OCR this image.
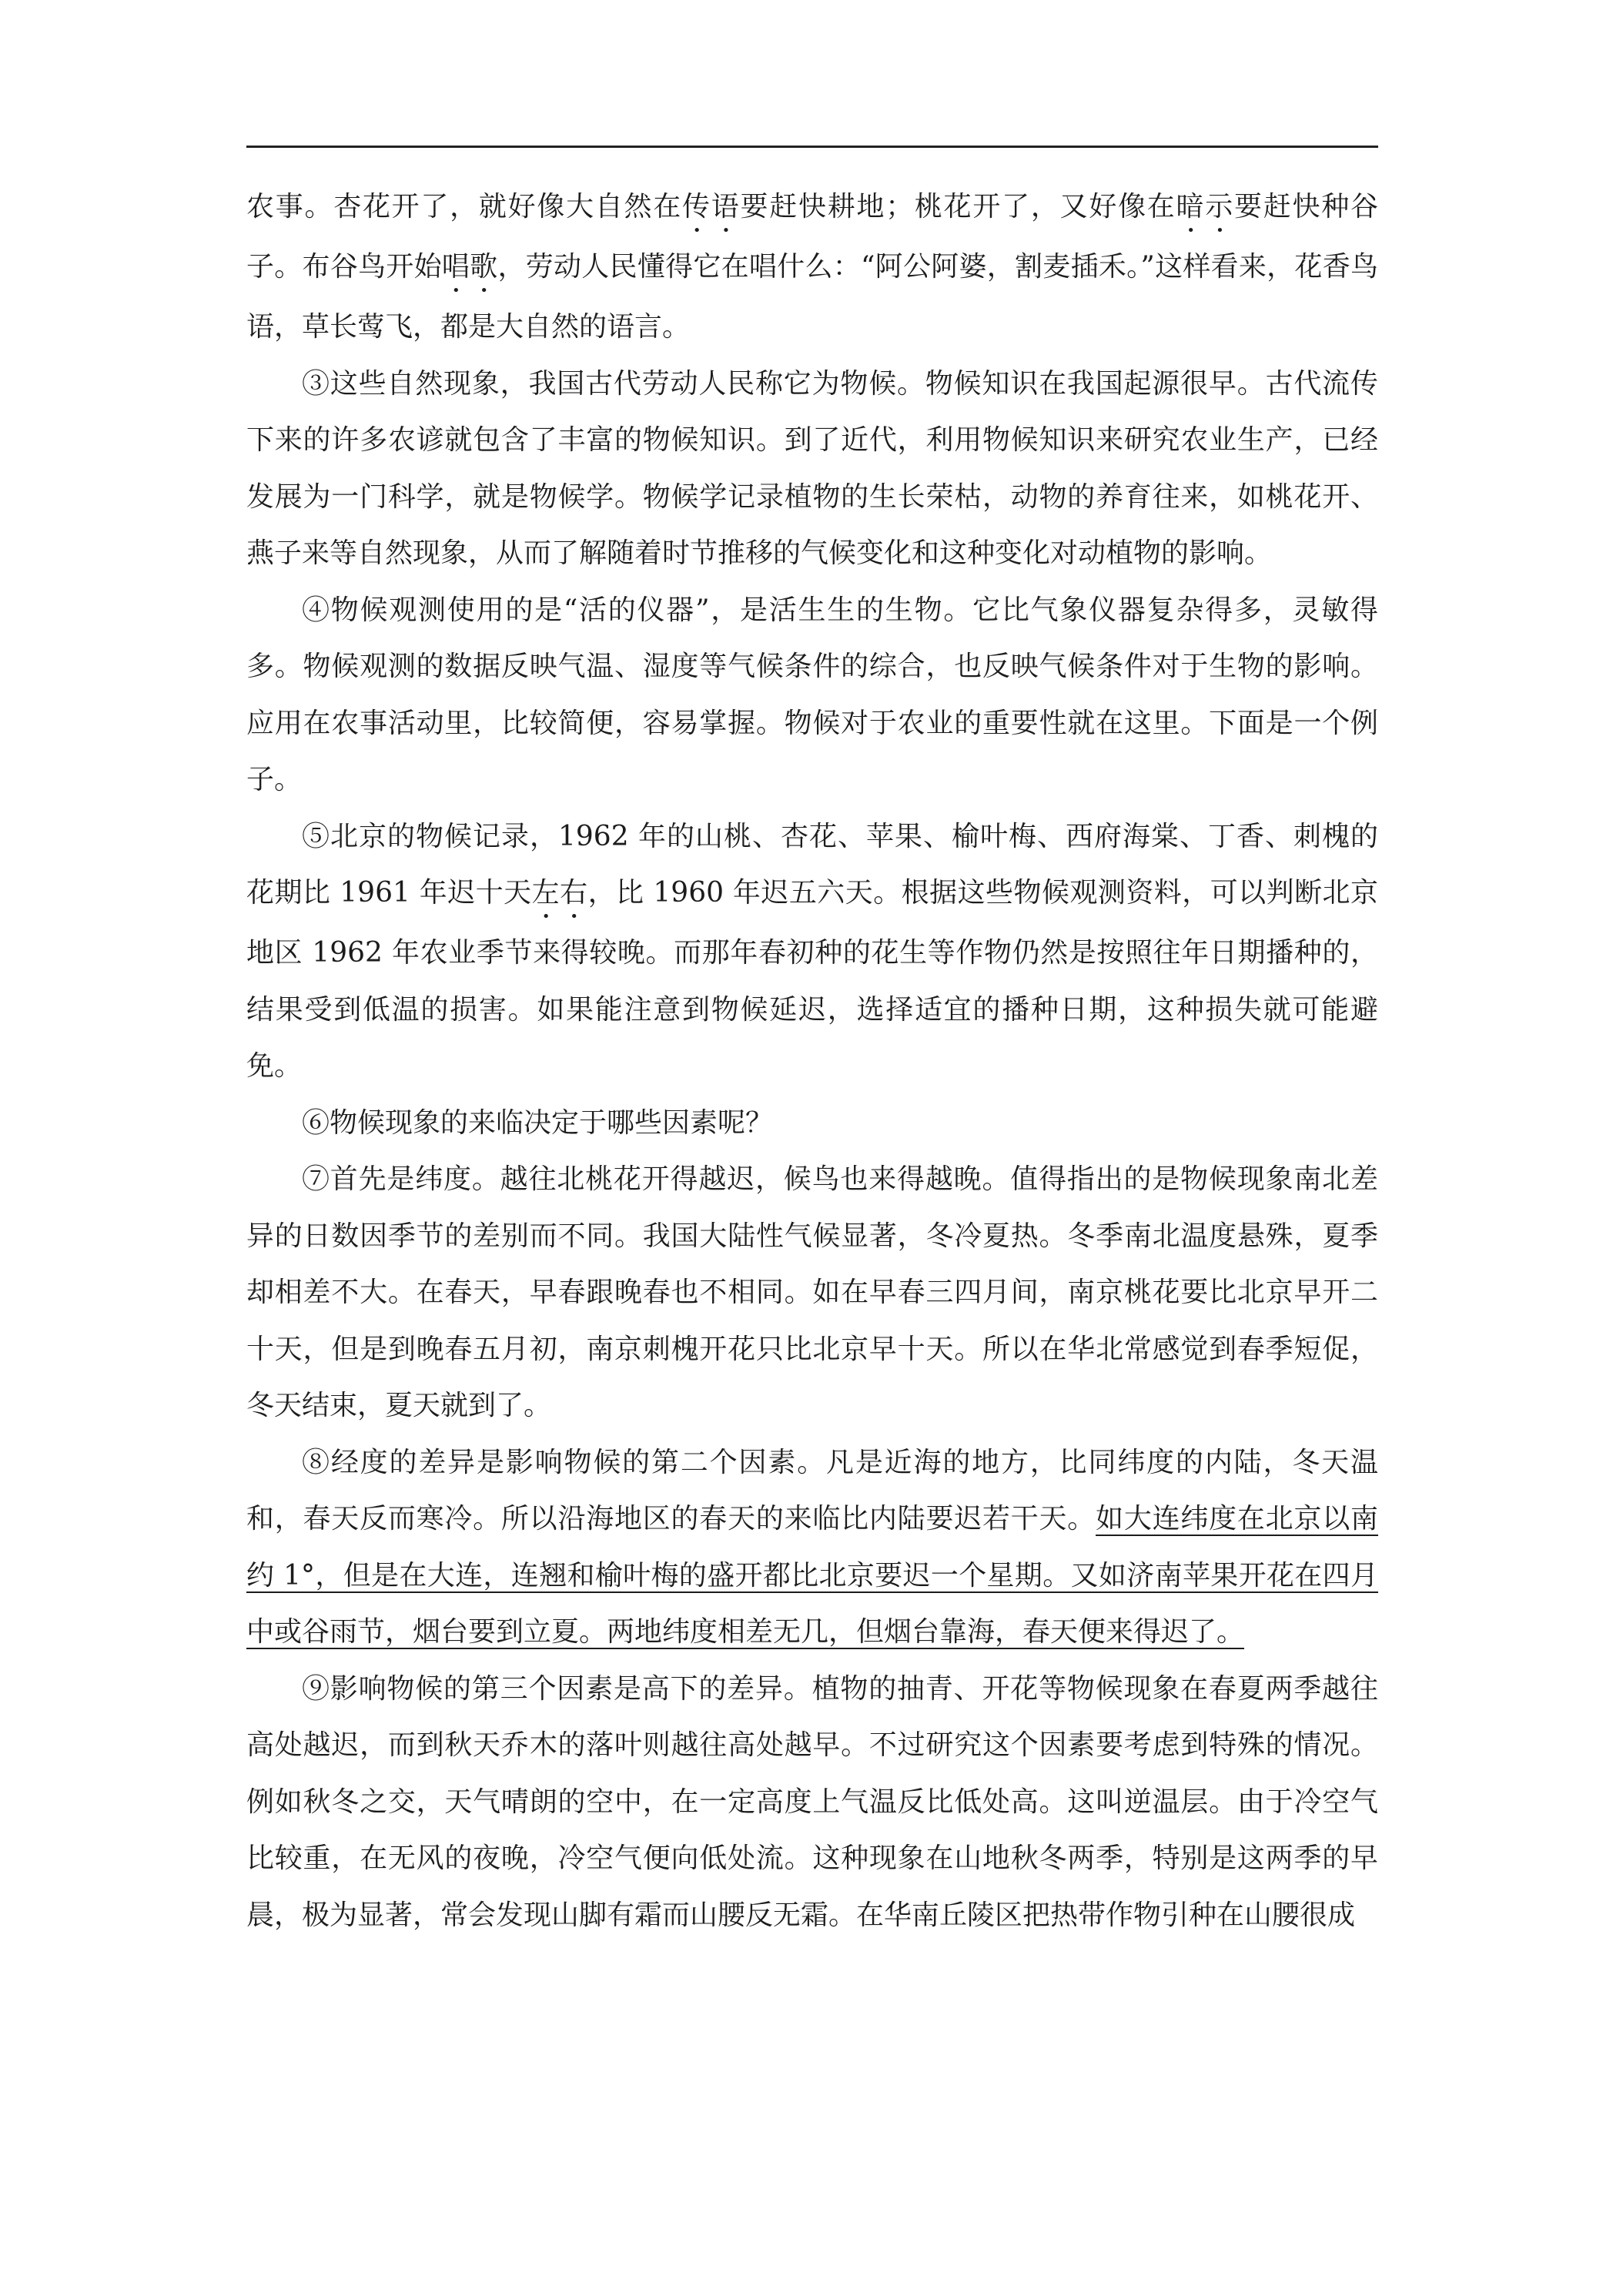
农事。杏花开了，就好像大自然在传语要赶快耕地；桃花开了，又好像在暗示要赶快种谷子。布谷鸟开始唱歌，劳动人民懂得它在唱什么：“阿公阿婆，割麦插禾。”这样看来，花香鸟语，草长莺飞，都是大自然的语言。

③这些自然现象，我国古代劳动人民称它为物候。物候知识在我国起源很早。古代流传下来的许多农谚就包含了丰富的物候知识。到了近代，利用物候知识来研究农业生产，已经发展为一门科学，就是物候学。物候学记录植物的生长荣枯，动物的养育往来，如桃花开、燕子来等自然现象，从而了解随着时节推移的气候变化和这种变化对动植物的影响。

④物候观测使用的是“活的仪器”，是活生生的生物。它比气象仪器复杂得多，灵敏得多。物候观测的数据反映气温、湿度等气候条件的综合，也反映气候条件对于生物的影响。应用在农事活动里，比较简便，容易掌握。物候对于农业的重要性就在这里。下面是一个例子。

⑤北京的物候记录，1962 年的山桃、杏花、苹果、榆叶梅、西府海棠、丁香、刺槐的花期比 1961 年迟十天左右，比 1960 年迟五六天。根据这些物候观测资料，可以判断北京地区 1962 年农业季节来得较晚。而那年春初种的花生等作物仍然是按照往年日期播种的，结果受到低温的损害。如果能注意到物候延迟，选择适宜的播种日期，这种损失就可能避免。

⑥物候现象的来临决定于哪些因素呢？

⑦首先是纬度。越往北桃花开得越迟，候鸟也来得越晚。值得指出的是物候现象南北差异的日数因季节的差别而不同。我国大陆性气候显著，冬冷夏热。冬季南北温度悬殊，夏季却相差不大。在春天，早春跟晚春也不相同。如在早春三四月间，南京桃花要比北京早开二十天，但是到晚春五月初，南京刺槐开花只比北京早十天。所以在华北常感觉到春季短促，冬天结束，夏天就到了。

⑧经度的差异是影响物候的第二个因素。凡是近海的地方，比同纬度的内陆，冬天温和，春天反而寒冷。所以沿海地区的春天的来临比内陆要迟若干天。如大连纬度在北京以南约 1°，但是在大连，连翘和榆叶梅的盛开都比北京要迟一个星期。又如济南苹果开花在四月中或谷雨节，烟台要到立夏。两地纬度相差无几，但烟台靠海，春天便来得迟了。

⑨影响物候的第三个因素是高下的差异。植物的抽青、开花等物候现象在春夏两季越往高处越迟，而到秋天乔木的落叶则越往高处越早。不过研究这个因素要考虑到特殊的情况。例如秋冬之交，天气晴朗的空中，在一定高度上气温反比低处高。这叫逆温层。由于冷空气比较重，在无风的夜晚，冷空气便向低处流。这种现象在山地秋冬两季，特别是这两季的早晨，极为显著，常会发现山脚有霜而山腰反无霜。在华南丘陵区把热带作物引种在山腰很成
